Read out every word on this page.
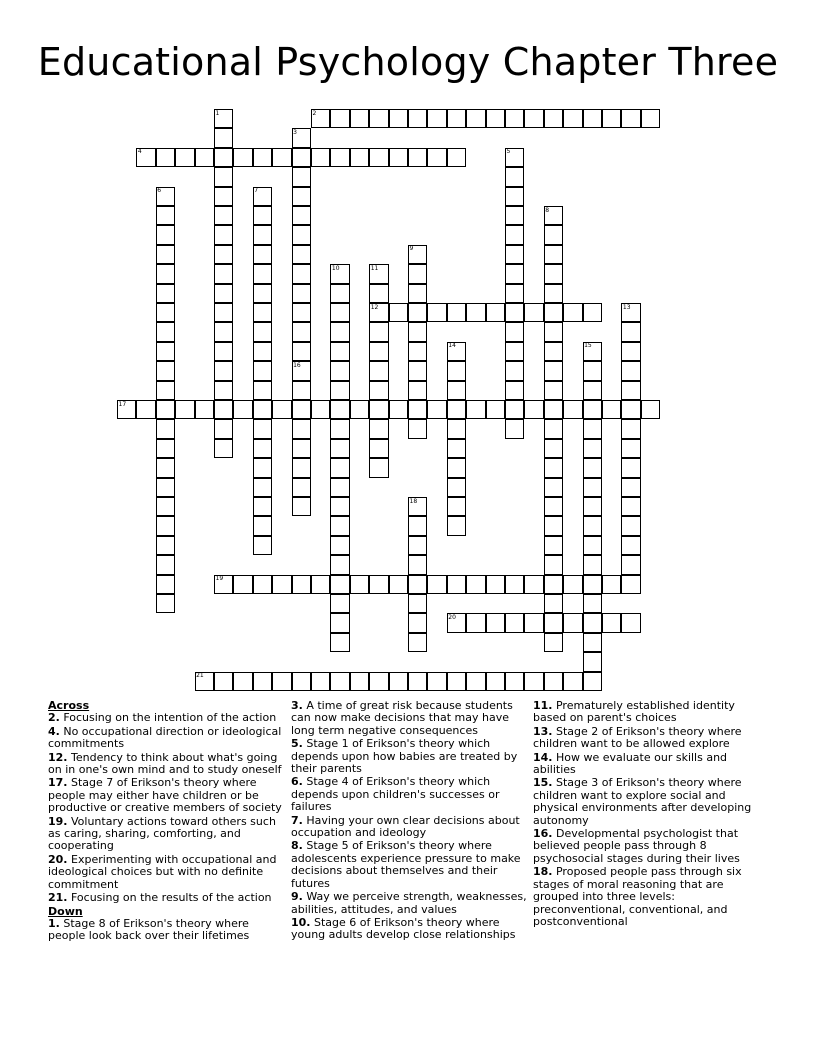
Educational Psychology Chapter Three
2
4
12
17
19
20
21
1
3
5
6	7
8
9
10	11
13
14	15
16
18
Across
2. Focusing on the intention of the action
4. No occupational direction or ideological commitments
12. Tendency to think about what's going on in one's own mind and to study oneself
17. Stage 7 of Erikson's theory where people may either have children or be productive or creative members of society
19. Voluntary actions toward others such as caring, sharing, comforting, and cooperating
20. Experimenting with occupational and ideological choices but with no definite commitment
21. Focusing on the results of the action
Down
1. Stage 8 of Erikson's theory where people look back over their lifetimes
3. A time of great risk because students can now make decisions that may have long term negative consequences
5. Stage 1 of Erikson's theory which depends upon how babies are treated by their parents
6. Stage 4 of Erikson's theory which depends upon children's successes or failures
7. Having your own clear decisions about occupation and ideology
8. Stage 5 of Erikson's theory where adolescents experience pressure to make decisions about themselves and their futures
9. Way we perceive strength, weaknesses, abilities, attitudes, and values
10. Stage 6 of Erikson's theory where young adults develop close relationships
11. Prematurely established identity based on parent's choices
13. Stage 2 of Erikson's theory where children want to be allowed explore
14. How we evaluate our skills and abilities
15. Stage 3 of Erikson's theory where children want to explore social and physical environments after developing autonomy
16. Developmental psychologist that believed people pass through 8 psychosocial stages during their lives
18. Proposed people pass through six stages of moral reasoning that are grouped into three levels: preconventional, conventional, and postconventional
